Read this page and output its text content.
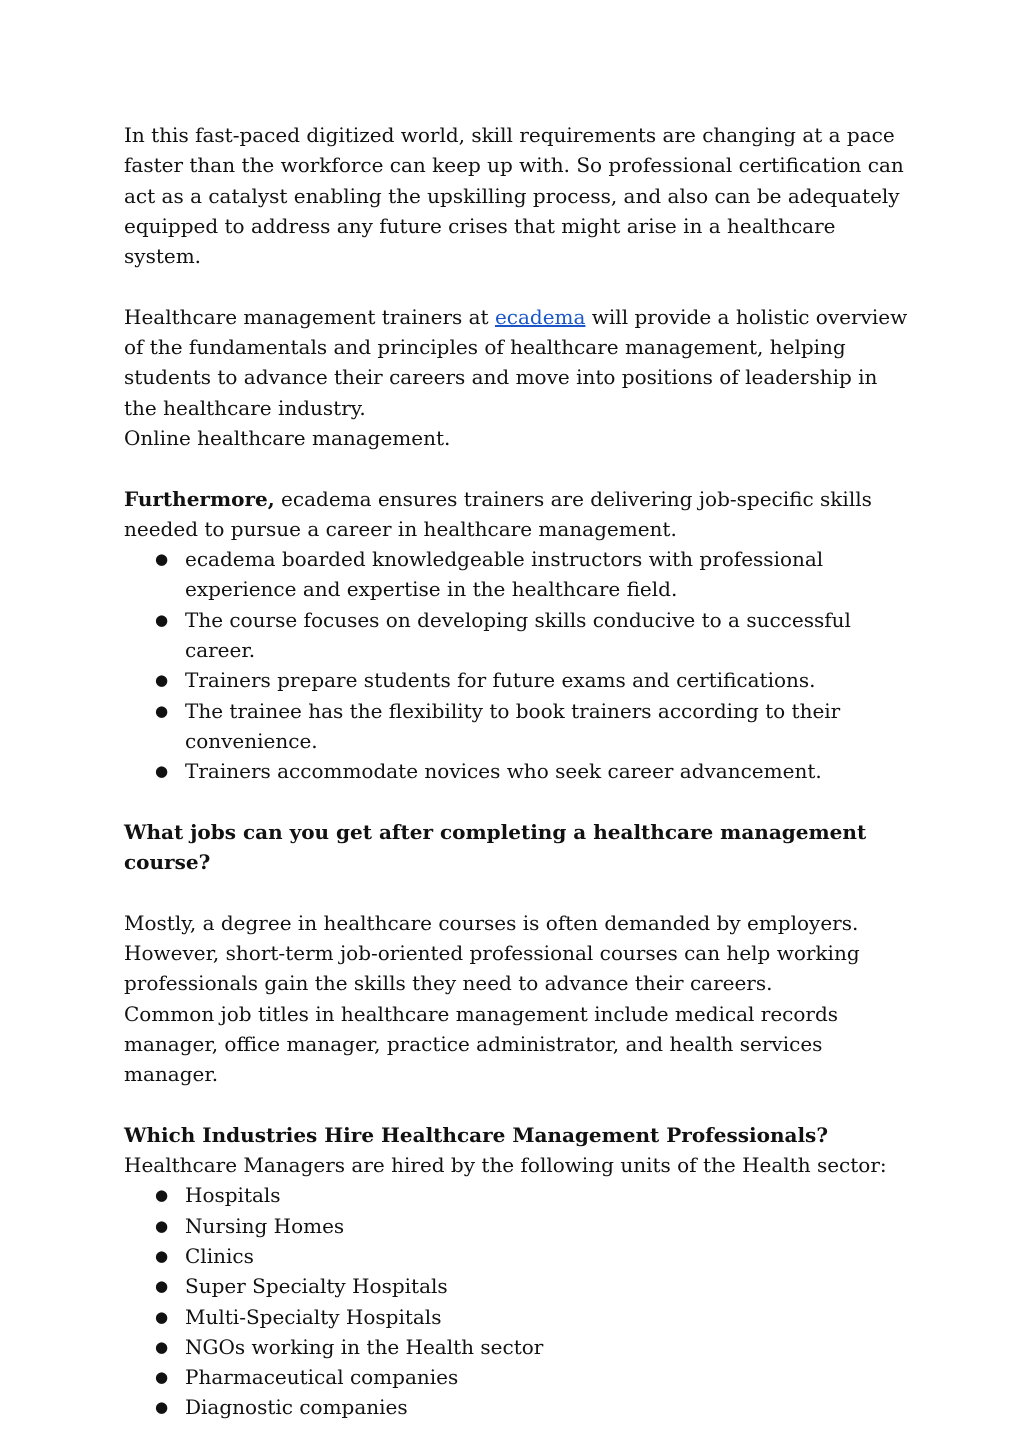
In this fast-paced digitized world, skill requirements are changing at a pace faster than the workforce can keep up with. So professional certification can act as a catalyst enabling the upskilling process, and also can be adequately equipped to address any future crises that might arise in a healthcare system.

Healthcare management trainers at ecadema will provide a holistic overview of the fundamentals and principles of healthcare management, helping students to advance their careers and move into positions of leadership in the healthcare industry.

Online healthcare management.

Furthermore, ecadema ensures trainers are delivering job-specific skills needed to pursue a career in healthcare management.

● ecadema boarded knowledgeable instructors with professional experience and expertise in the healthcare field.
● The course focuses on developing skills conducive to a successful career.
● Trainers prepare students for future exams and certifications.
● The trainee has the flexibility to book trainers according to their convenience.
● Trainers accommodate novices who seek career advancement.

What jobs can you get after completing a healthcare management course?

Mostly, a degree in healthcare courses is often demanded by employers. However, short-term job-oriented professional courses can help working professionals gain the skills they need to advance their careers.

Common job titles in healthcare management include medical records manager, office manager, practice administrator, and health services manager.

Which Industries Hire Healthcare Management Professionals?

Healthcare Managers are hired by the following units of the Health sector:

● Hospitals
● Nursing Homes
● Clinics
● Super Specialty Hospitals
● Multi-Specialty Hospitals
● NGOs working in the Health sector
● Pharmaceutical companies
● Diagnostic companies
